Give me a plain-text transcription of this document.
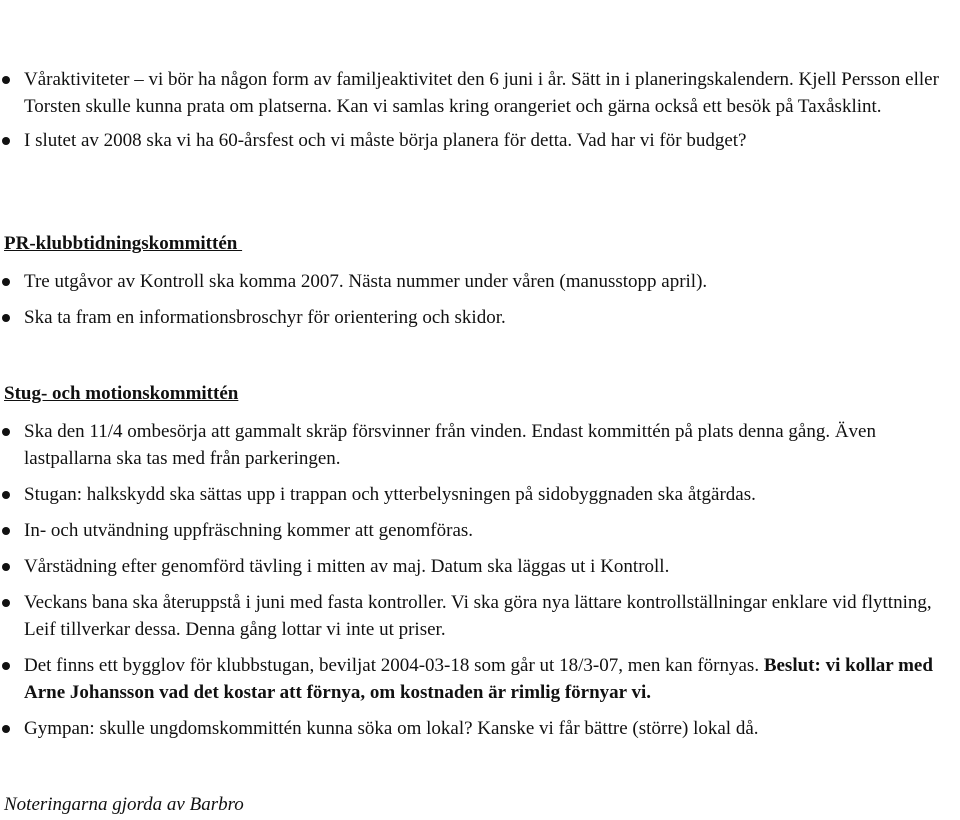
Våraktiviteter – vi bör ha någon form av familjeaktivitet den 6 juni i år. Sätt in i planeringskalendern. Kjell Persson eller Torsten skulle kunna prata om platserna. Kan vi samlas kring orangeriet och gärna också ett besök på Taxåsklint.
I slutet av 2008 ska vi ha 60-årsfest och vi måste börja planera för detta. Vad har vi för budget?
PR-klubbtidningskommittén
Tre utgåvor av Kontroll ska komma 2007. Nästa nummer under våren (manusstopp april).
Ska ta fram en informationsbroschyr för orientering och skidor.
Stug- och motionskommittén
Ska den 11/4 ombesörja att gammalt skräp försvinner från vinden. Endast kommittén på plats denna gång. Även lastpallarna ska tas med från parkeringen.
Stugan: halkskydd ska sättas upp i trappan och ytterbelysningen på sidobyggnaden ska åtgärdas.
In- och utvändning uppfräschning kommer att genomföras.
Vårstädning efter genomförd tävling i mitten av maj. Datum ska läggas ut i Kontroll.
Veckans bana ska återuppstå i juni med fasta kontroller. Vi ska göra nya lättare kontrollställningar enklare vid flyttning, Leif tillverkar dessa. Denna gång lottar vi inte ut priser.
Det finns ett bygglov för klubbstugan, beviljat 2004-03-18 som går ut 18/3-07, men kan förnyas. Beslut: vi kollar med Arne Johansson vad det kostar att förnya, om kostnaden är rimlig förnyar vi.
Gympan: skulle ungdomskommittén kunna söka om lokal? Kanske vi får bättre (större) lokal då.
Noteringarna gjorda av Barbro
